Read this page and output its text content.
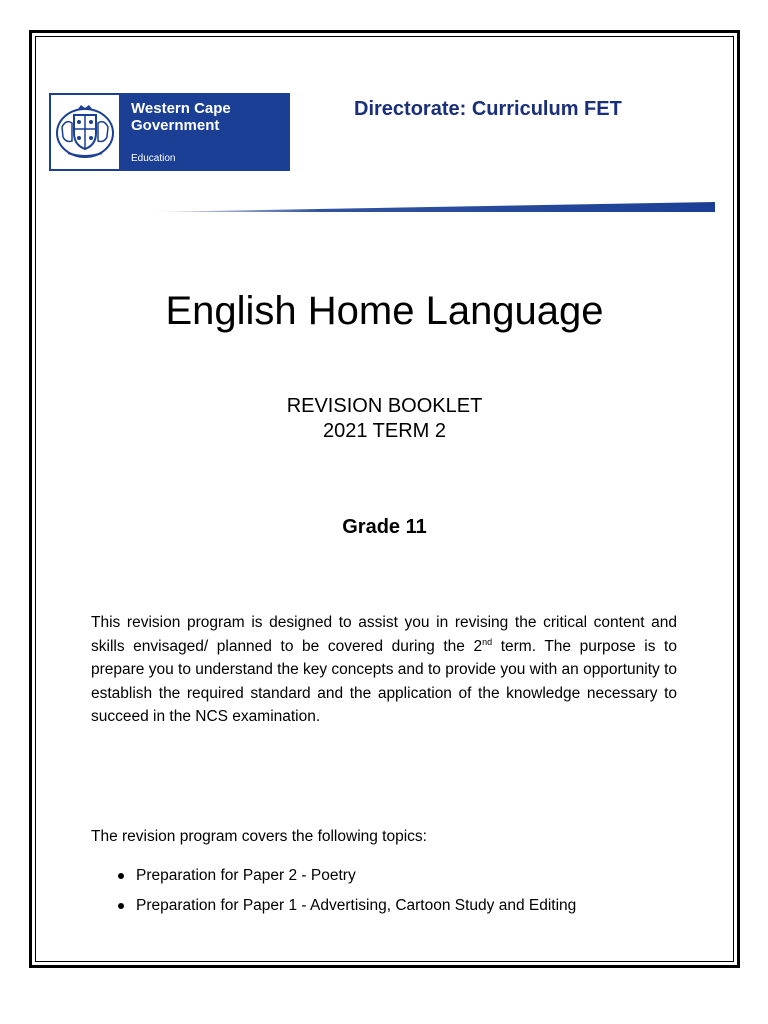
Western Cape Government
Education
Directorate: Curriculum FET
English Home Language
REVISION BOOKLET
2021 TERM 2
Grade 11

This revision program is designed to assist you in revising the critical content and skills envisaged/ planned to be covered during the 2nd term. The purpose is to prepare you to understand the key concepts and to provide you with an opportunity to establish the required standard and the application of the knowledge necessary to succeed in the NCS examination.

The revision program covers the following topics:

Preparation for Paper 2 - Poetry
Preparation for Paper 1 - Advertising, Cartoon Study and Editing
